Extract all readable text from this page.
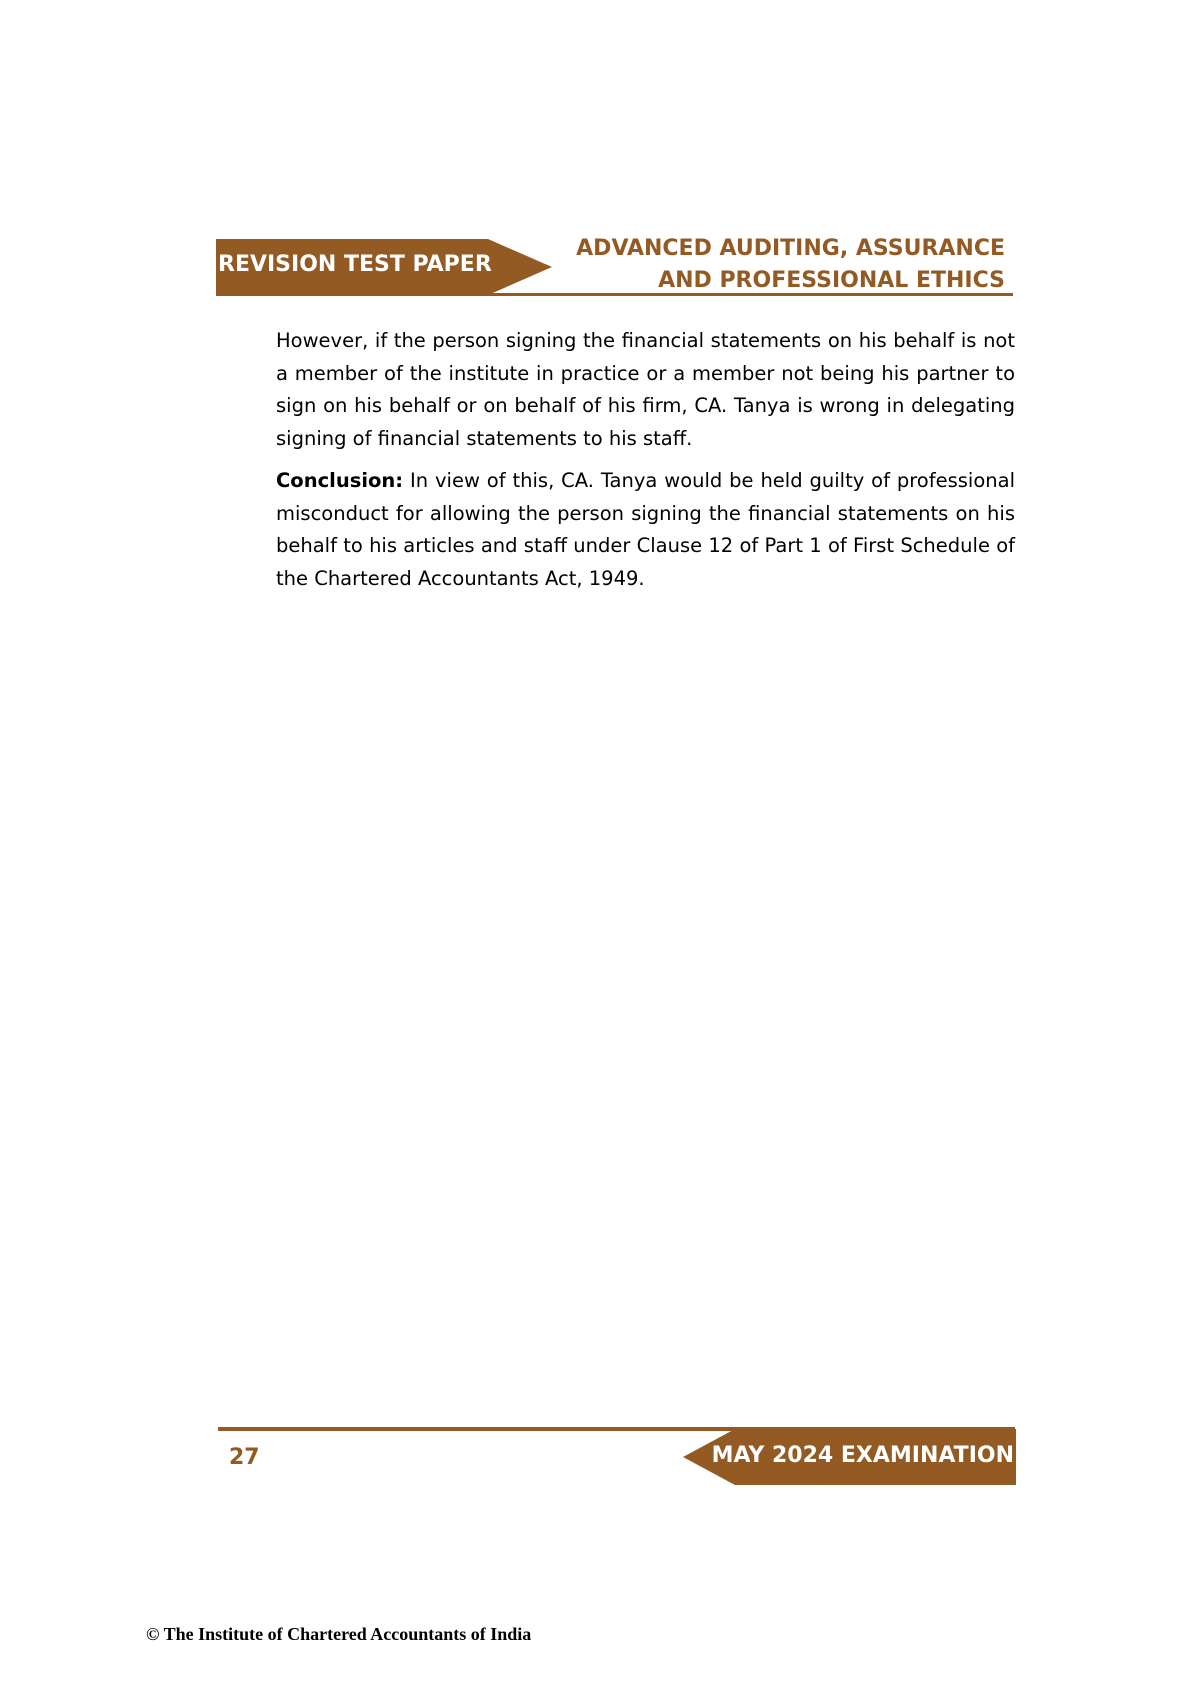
REVISION TEST PAPER
ADVANCED AUDITING, ASSURANCE
AND PROFESSIONAL ETHICS

However, if the person signing the financial statements on his behalf is not a member of the institute in practice or a member not being his partner to sign on his behalf or on behalf of his firm, CA. Tanya is wrong in delegating signing of financial statements to his staff.

Conclusion: In view of this, CA. Tanya would be held guilty of professional misconduct for allowing the person signing the financial statements on his behalf to his articles and staff under Clause 12 of Part 1 of First Schedule of the Chartered Accountants Act, 1949.

27	MAY 2024 EXAMINATION
© The Institute of Chartered Accountants of India
